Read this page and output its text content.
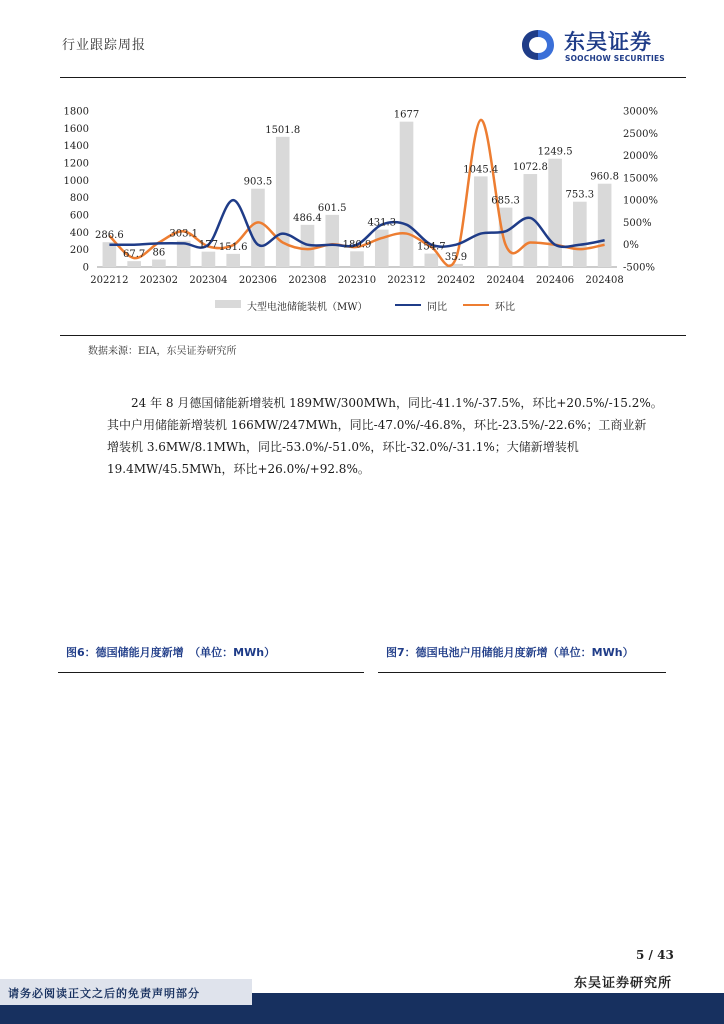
行业跟踪周报	东吴证券
SOOCHOW SECURITIES
0
200
400
600
800
1000
1200
1400
1600
1800
-500%
0%
500%
1000%
1500%
2000%
2500%
3000%
202212 202302 202304 202306 202308 202310 202312 202402 202404 202406 202408
286.6
67.7 86
303.1
177 151.6
903.5
1501.8
486.4
601.5
180.9
431.3
1677
154.7
35.9
1045.4
685.3
1072.8
1249.5
753.3
960.8
大型电池储能装机（MW）	同比	环比
数据来源：EIA，东吴证券研究所

24 年 8 月德国储能新增装机 189MW/300MWh，同比-41.1%/-37.5%，环比+20.5%/-15.2%。

其中户用储能新增装机 166MW/247MWh，同比-47.0%/-46.8%，环比-23.5%/-22.6%；工商业新

增装机 3.6MW/8.1MWh，同比-53.0%/-51.0%，环比-32.0%/-31.1%；大储新增装机

19.4MW/45.5MWh，环比+26.0%/+92.8%。

图6：德国储能月度新增　（单位：MWh）	图7：德国电池户用储能月度新增（单位：MWh）
5 / 43
东吴证券研究所
请务必阅读正文之后的免责声明部分
